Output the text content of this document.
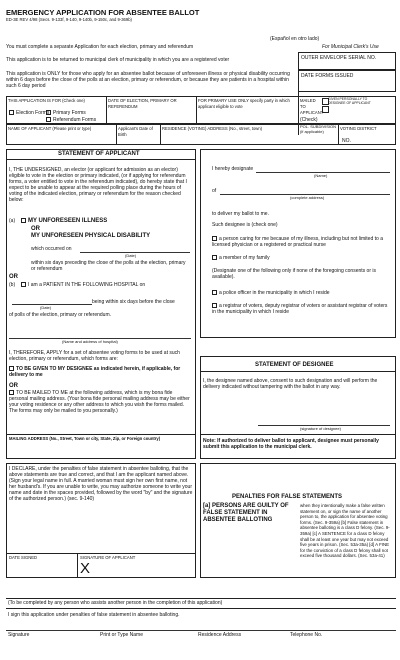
EMERGENCY APPLICATION FOR ABSENTEE BALLOT
ED-3E REV 4/98 (Secs. 9-133f, 9-140, 9-140b, 9-150c, and 9-369b)
(Español en otro lado)
For Municipal Clerk's Use
You must complete a separate Application for each election, primary and referendum
This application is to be returned to municipal clerk of municipality in which you are a registered voter
This application is ONLY for those who apply for an absentee ballot because of unforeseen illness or physical disability occurring within 6 days before the close of the polls at an election, primary or referendum, or because they are patients in a hospital within such 6 day period
OUTER ENVELOPE SERIAL NO.
DATE FORMS ISSUED
THIS APPLICATION IS FOR (Check one)
Election Forms Primary Forms
Referendum Forms
DATE OF ELECTION, PRIMARY OR REFERENDUM
FOR PRIMARY USE ONLY specify party in which applicant eligible to vote
MAILED TO APPLICANT
GIVEN PERSONALLY TO DESIGNEE OF APPLICANT
(Check)
NAME OF APPLICANT (Please print or type)	Applicant's Date of Birth
RESIDENCE (VOTING) ADDRESS (No., street, town)	POL. SUBDIVISION (if applicable)	VOTING DISTRICT
NO.
STATEMENT OF APPLICANT
I, THE UNDERSIGNED, an elector (or applicant for admission as an elector) eligible to vote in the election or primary indicated, (or if applying for referendum forms, a voter entitled to vote in the referendum indicated), do hereby state that I expect to be unable to appear at the required polling place during the hours of voting of the indicated election, primary or referendum for the reason checked below:
(a)	MY UNFORESEEN ILLNESS
OR
MY UNFORESEEN PHYSICAL DISABILITY
which occurred on
(Date)
within six days preceding the close of the polls at the election, primary or referendum
OR
(b)	I am a PATIENT IN THE FOLLOWING HOSPITAL on
being within six days before the close
(Date)
of polls of the election, primary or referendum.
(Name and address of hospital)
I, THEREFORE, APPLY for a set of absentee voting forms to be used at such election, primary or referendum, which forms are:
TO BE GIVEN TO MY DESIGNEE as indicated herein, if applicable, for delivery to me
OR
TO BE MAILED TO ME at the following address, which is my bona fide personal mailing address. (Your bona fide personal mailing address may be either your voting residence or any other address to which you wish the forms mailed. The forms may only be mailed to you personally.)
MAILING ADDRESS (No., Street, Town or city, State, Zip, or Foreign country)
I DECLARE, under the penalties of false statement in absentee balloting, that the above statements are true and correct, and that I am the applicant named above. (Sign your legal name in full. A married woman must sign her own first name, not her husband's. If you are unable to write, you may authorize someone to write your name and date in the spaces provided, followed by the word "by" and the signature of the authorized person.) (sec. 9-140)
DATE SIGNED	SIGNATURE OF APPLICANT
X
I hereby designate
(Name)
of
(complete address)
to deliver my ballot to me.
Such designee is (check one)
a person caring for me because of my illness, including but not limited to a licensed physician or a registered or practical nurse
a member of my family
(Designate one of the following only if none of the foregoing consents or is available).
a police officer in the municipality in which I reside
a registrar of voters, deputy registrar of voters or assistant registrar of voters in the municipality in which I reside
STATEMENT OF DESIGNEE
I, the designee named above, consent to such designation and will perform the delivery indicated without tampering with the ballot in any way.
(signature of designee)
Note: If authorized to deliver ballot to applicant, designee must personally submit this application to the municipal clerk.
PENALTIES FOR FALSE STATEMENTS
[a] PERSONS ARE GUILTY OF FALSE STATEMENT IN ABSENTEE BALLOTING
when they intentionally make a false written statement on, or sign the name of another person to, the application for absentee voting forms. (Sec. 9-359a) [b] False statement in absentee balloting is a class D felony. (Sec. 9-359a) [c] A SENTENCE for a class D felony shall be at least one year but may not exceed five years in prison. (Sec. 53a-35a) [d] A FINE for the conviction of a class D felony shall not exceed five thousand dollars. (Sec. 53a-41)
(To be completed by any person who assists another person in the completion of this application)
I sign this application under penalties of false statement in absentee balloting.
Signature	Print or Type Name	Residence Address	Telephone No.
